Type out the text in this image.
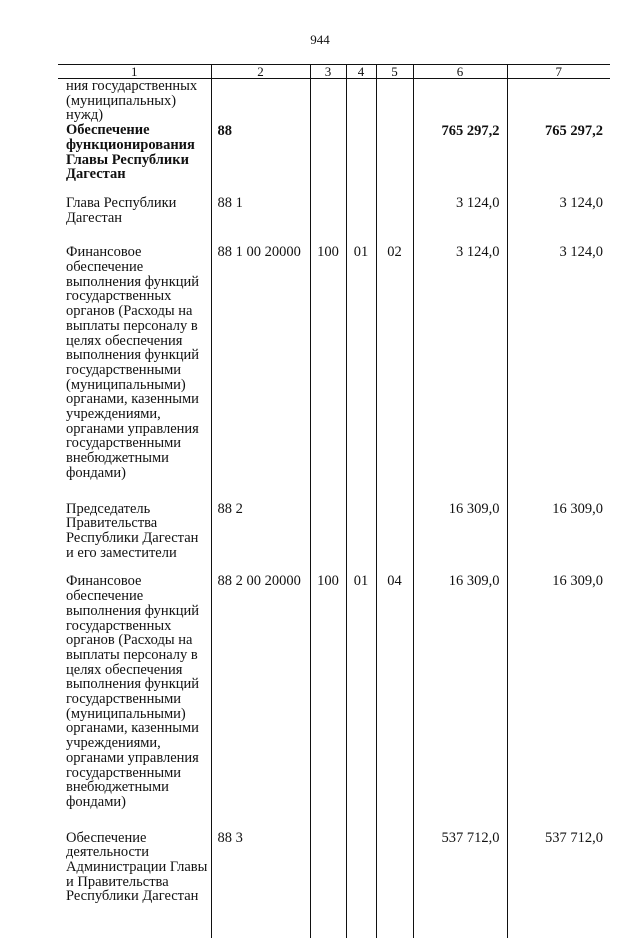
944
1	2	3	4	5	6	7
ния государственных (муниципальных) нужд)						
Обеспечение функционирования Главы Республики Дагестан	88				765 297,2	765 297,2
Глава Республики Дагестан	88 1				3 124,0	3 124,0
Финансовое обеспечение выполнения функций государственных органов (Расходы на выплаты персоналу в целях обеспечения выполнения функций государственными (муниципальными) органами, казенными учреждениями, органами управления государственными внебюджетными фондами)	88 1 00 20000	100	01	02	3 124,0	3 124,0
Председатель Правительства Республики Дагестан и его заместители	88 2				16 309,0	16 309,0
Финансовое обеспечение выполнения функций государственных органов (Расходы на выплаты персоналу в целях обеспечения выполнения функций государственными (муниципальными) органами, казенными учреждениями, органами управления государственными внебюджетными фондами)	88 2 00 20000	100	01	04	16 309,0	16 309,0
Обеспечение деятельности Администрации Главы и Правительства Республики Дагестан	88 3				537 712,0	537 712,0
